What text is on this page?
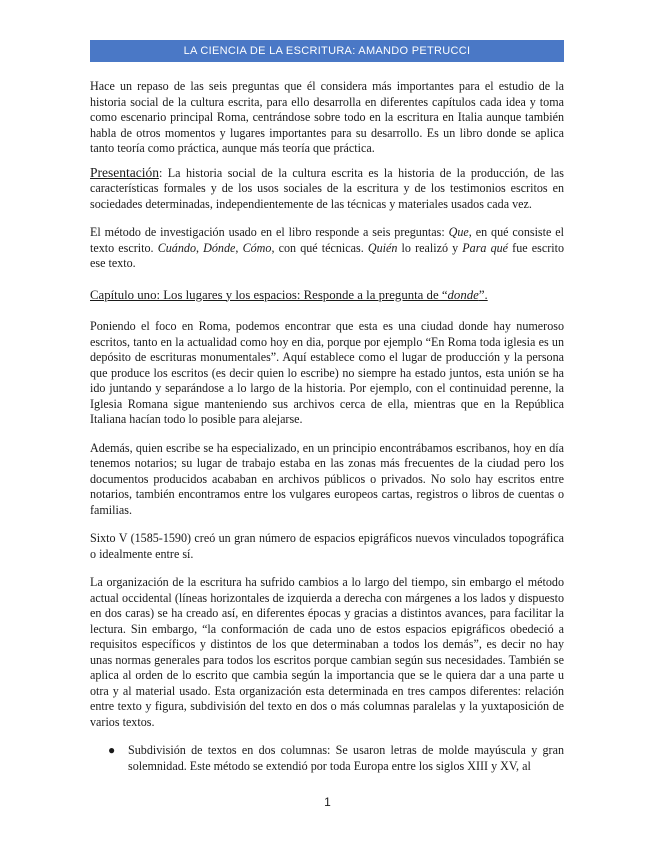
LA CIENCIA DE LA ESCRITURA: AMANDO PETRUCCI

Hace un repaso de las seis preguntas que él considera más importantes para el estudio de la historia social de la cultura escrita, para ello desarrolla en diferentes capítulos cada idea y toma como escenario principal Roma, centrándose sobre todo en la escritura en Italia aunque también habla de otros momentos y lugares importantes para su desarrollo. Es un libro donde se aplica tanto teoría como práctica, aunque más teoría que práctica.

Presentación: La historia social de la cultura escrita es la historia de la producción, de las características formales y de los usos sociales de la escritura y de los testimonios escritos en sociedades determinadas, independientemente de las técnicas y materiales usados cada vez.

El método de investigación usado en el libro responde a seis preguntas: Que, en qué consiste el texto escrito. Cuándo, Dónde, Cómo, con qué técnicas. Quién lo realizó y Para qué fue escrito ese texto.

Capítulo uno: Los lugares y los espacios: Responde a la pregunta de “donde”.

Poniendo el foco en Roma, podemos encontrar que esta es una ciudad donde hay numeroso escritos, tanto en la actualidad como hoy en dia, porque por ejemplo “En Roma toda iglesia es un depósito de escrituras monumentales”. Aquí establece como el lugar de producción y la persona que produce los escritos (es decir quien lo escribe) no siempre ha estado juntos, esta unión se ha ido juntando y separándose a lo largo de la historia. Por ejemplo, con el continuidad perenne, la Iglesia Romana sigue manteniendo sus archivos cerca de ella, mientras que en la República Italiana hacían todo lo posible para alejarse.

Además, quien escribe se ha especializado, en un principio encontrábamos escribanos, hoy en día tenemos notarios; su lugar de trabajo estaba en las zonas más frecuentes de la ciudad pero los documentos producidos acababan en archivos públicos o privados. No solo hay escritos entre notarios, también encontramos entre los vulgares europeos cartas, registros o libros de cuentas o familias.

Sixto V (1585-1590) creó un gran número de espacios epigráficos nuevos vinculados topográfica o idealmente entre sí.

La organización de la escritura ha sufrido cambios a lo largo del tiempo, sin embargo el método actual occidental (líneas horizontales de izquierda a derecha con márgenes a los lados y dispuesto en dos caras) se ha creado así, en diferentes épocas y gracias a distintos avances, para facilitar la lectura. Sin embargo, “la conformación de cada uno de estos espacios epigráficos obedeció a requisitos específicos y distintos de los que determinaban a todos los demás”, es decir no hay unas normas generales para todos los escritos porque cambian según sus necesidades. También se aplica al orden de lo escrito que cambia según la importancia que se le quiera dar a una parte u otra y al material usado. Esta organización esta determinada en tres campos diferentes: relación entre texto y figura, subdivisión del texto en dos o más columnas paralelas y la yuxtaposición de varios textos.

● Subdivisión de textos en dos columnas: Se usaron letras de molde mayúscula y gran solemnidad. Este método se extendió por toda Europa entre los siglos XIII y XV, al
1
